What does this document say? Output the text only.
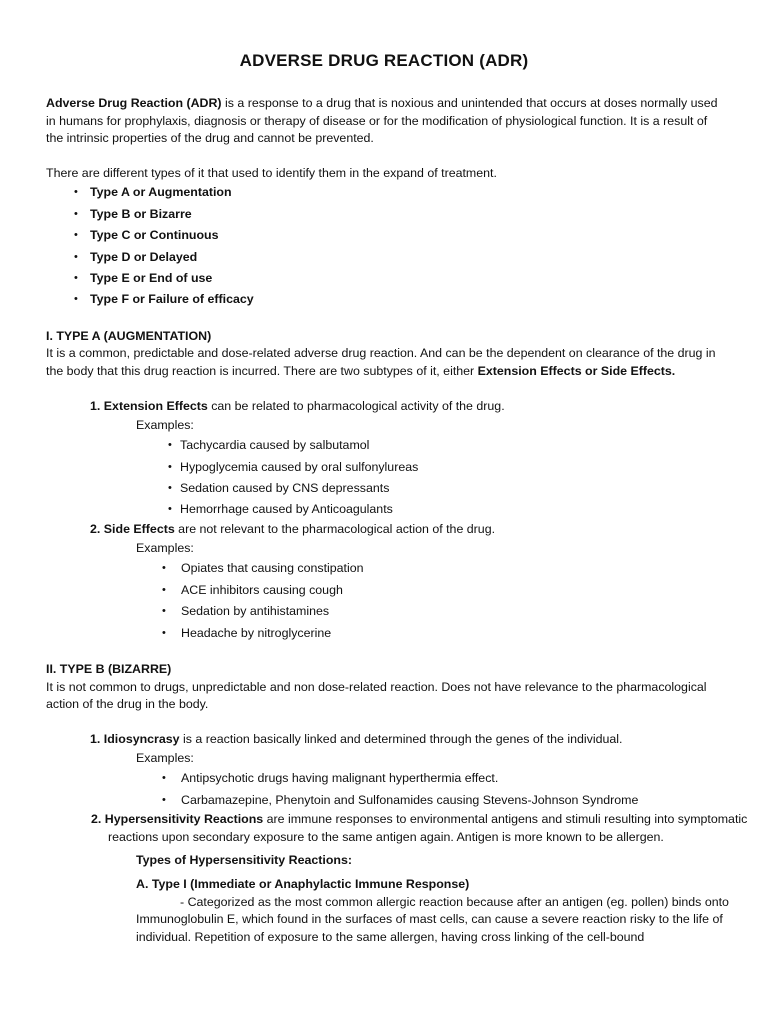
ADVERSE DRUG REACTION (ADR)

Adverse Drug Reaction (ADR) is a response to a drug that is noxious and unintended that occurs at doses normally used in humans for prophylaxis, diagnosis or therapy of disease or for the modification of physiological function. It is a result of the intrinsic properties of the drug and cannot be prevented.

There are different types of it that used to identify them in the expand of treatment.

• Type A or Augmentation
• Type B or Bizarre
• Type C or Continuous
• Type D or Delayed
• Type E or End of use
• Type F or Failure of efficacy

I. TYPE A (AUGMENTATION)

It is a common, predictable and dose-related adverse drug reaction. And can be the dependent on clearance of the drug in the body that this drug reaction is incurred. There are two subtypes of it, either Extension Effects or Side Effects.

1. Extension Effects can be related to pharmacological activity of the drug.

Examples:

• Tachycardia caused by salbutamol
• Hypoglycemia caused by oral sulfonylureas
• Sedation caused by CNS depressants
• Hemorrhage caused by Anticoagulants

2. Side Effects are not relevant to the pharmacological action of the drug.

Examples:

• Opiates that causing constipation
• ACE inhibitors causing cough
• Sedation by antihistamines
• Headache by nitroglycerine

II. TYPE B (BIZARRE)

It is not common to drugs, unpredictable and non dose-related reaction. Does not have relevance to the pharmacological action of the drug in the body.

1. Idiosyncrasy is a reaction basically linked and determined through the genes of the individual.

Examples:

• Antipsychotic drugs having malignant hyperthermia effect.
• Carbamazepine, Phenytoin and Sulfonamides causing Stevens-Johnson Syndrome

2. Hypersensitivity Reactions are immune responses to environmental antigens and stimuli resulting into symptomatic reactions upon secondary exposure to the same antigen again. Antigen is more known to be allergen.

Types of Hypersensitivity Reactions:

A. Type I (Immediate or Anaphylactic Immune Response)

- Categorized as the most common allergic reaction because after an antigen (eg. pollen) binds onto Immunoglobulin E, which found in the surfaces of mast cells, can cause a severe reaction risky to the life of individual. Repetition of exposure to the same allergen, having cross linking of the cell-bound
